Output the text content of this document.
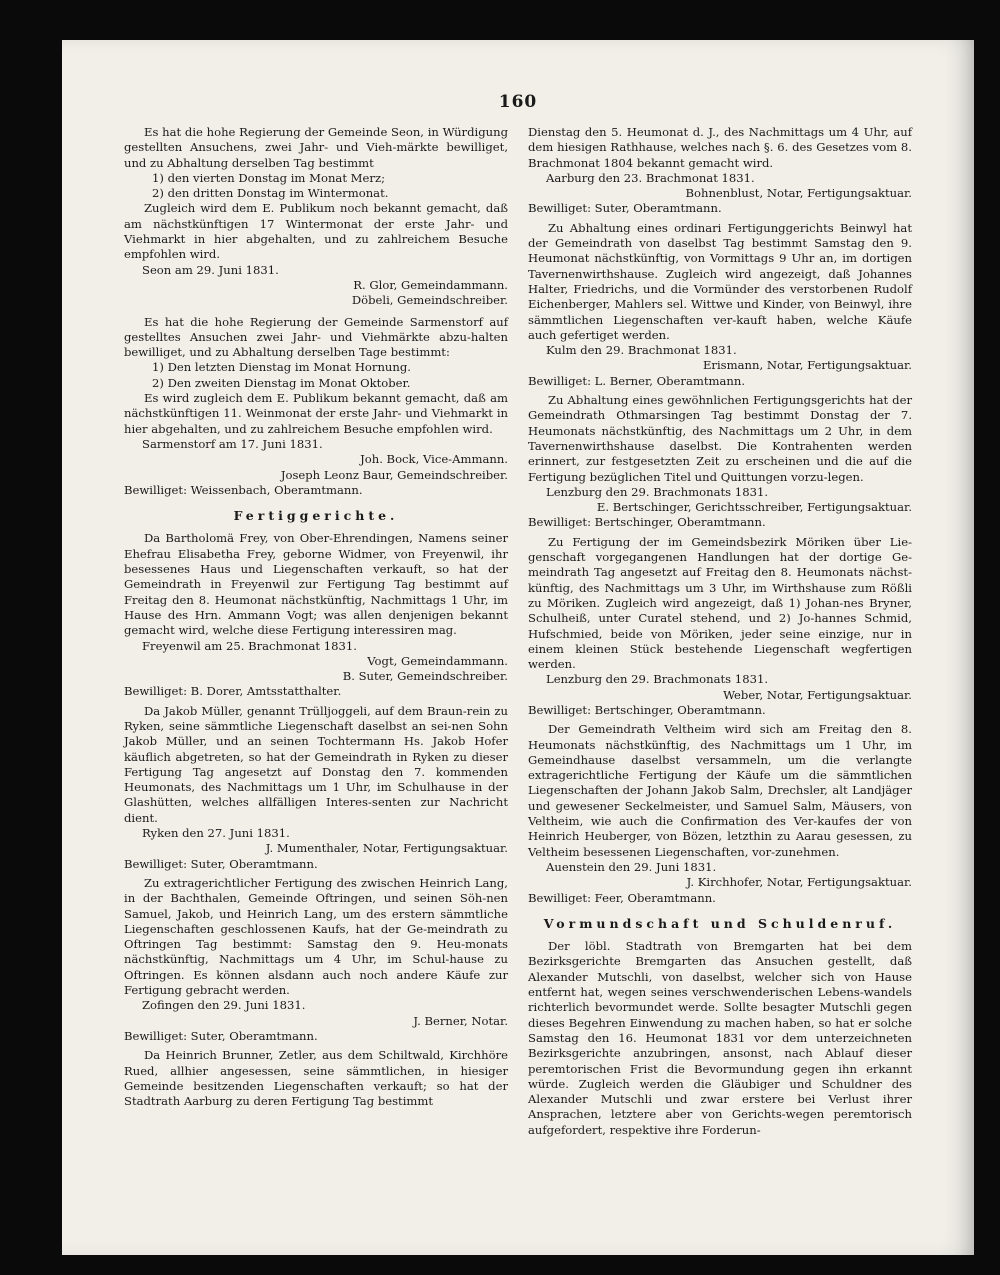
160

Es hat die hohe Regierung der Gemeinde Seon, in Würdigung gestellten Ansuchens, zwei Jahr- und Vieh-märkte bewilliget, und zu Abhaltung derselben Tag bestimmt

1) den vierten Donstag im Monat Merz;

2) den dritten Donstag im Wintermonat.

Zugleich wird dem E. Publikum noch bekannt gemacht, daß am nächstkünftigen 17 Wintermonat der erste Jahr- und Viehmarkt in hier abgehalten, und zu zahlreichem Besuche empfohlen wird.

Seon am 29. Juni 1831.

R. Glor, Gemeindammann.

Döbeli, Gemeindschreiber.

Es hat die hohe Regierung der Gemeinde Sarmenstorf auf gestelltes Ansuchen zwei Jahr- und Viehmärkte abzu-halten bewilliget, und zu Abhaltung derselben Tage bestimmt:

1) Den letzten Dienstag im Monat Hornung.

2) Den zweiten Dienstag im Monat Oktober.

Es wird zugleich dem E. Publikum bekannt gemacht, daß am nächstkünftigen 11. Weinmonat der erste Jahr- und Viehmarkt in hier abgehalten, und zu zahlreichem Besuche empfohlen wird.

Sarmenstorf am 17. Juni 1831.

Joh. Bock, Vice-Ammann.

Joseph Leonz Baur, Gemeindschreiber.

Bewilliget: Weissenbach, Oberamtmann.

Fertiggerichte.

Da Bartholomä Frey, von Ober-Ehrendingen, Namens seiner Ehefrau Elisabetha Frey, geborne Widmer, von Freyenwil, ihr besessenes Haus und Liegenschaften verkauft, so hat der Gemeindrath in Freyenwil zur Fertigung Tag bestimmt auf Freitag den 8. Heumonat nächstkünftig, Nachmittags 1 Uhr, im Hause des Hrn. Ammann Vogt; was allen denjenigen bekannt gemacht wird, welche diese Fertigung interessiren mag.

Freyenwil am 25. Brachmonat 1831.

Vogt, Gemeindammann.

B. Suter, Gemeindschreiber.

Bewilliget: B. Dorer, Amtsstatthalter.

Da Jakob Müller, genannt Trülljoggeli, auf dem Braun-rein zu Ryken, seine sämmtliche Liegenschaft daselbst an sei-nen Sohn Jakob Müller, und an seinen Tochtermann Hs. Jakob Hofer käuflich abgetreten, so hat der Gemeindrath in Ryken zu dieser Fertigung Tag angesetzt auf Donstag den 7. kommenden Heumonats, des Nachmittags um 1 Uhr, im Schulhause in der Glashütten, welches allfälligen Interes-senten zur Nachricht dient.

Ryken den 27. Juni 1831.

J. Mumenthaler, Notar, Fertigungsaktuar.

Bewilliget: Suter, Oberamtmann.

Zu extragerichtlicher Fertigung des zwischen Heinrich Lang, in der Bachthalen, Gemeinde Oftringen, und seinen Söh-nen Samuel, Jakob, und Heinrich Lang, um des erstern sämmtliche Liegenschaften geschlossenen Kaufs, hat der Ge-meindrath zu Oftringen Tag bestimmt: Samstag den 9. Heu-monats nächstkünftig, Nachmittags um 4 Uhr, im Schul-hause zu Oftringen. Es können alsdann auch noch andere Käufe zur Fertigung gebracht werden.

Zofingen den 29. Juni 1831.

J. Berner, Notar.

Bewilliget: Suter, Oberamtmann.

Da Heinrich Brunner, Zetler, aus dem Schiltwald, Kirchhöre Rued, allhier angesessen, seine sämmtlichen, in hiesiger Gemeinde besitzenden Liegenschaften verkauft; so hat der Stadtrath Aarburg zu deren Fertigung Tag bestimmt

Dienstag den 5. Heumonat d. J., des Nachmittags um 4 Uhr, auf dem hiesigen Rathhause, welches nach §. 6. des Gesetzes vom 8. Brachmonat 1804 bekannt gemacht wird.

Aarburg den 23. Brachmonat 1831.

Bohnenblust, Notar, Fertigungsaktuar.

Bewilliget: Suter, Oberamtmann.

Zu Abhaltung eines ordinari Fertigunggerichts Beinwyl hat der Gemeindrath von daselbst Tag bestimmt Samstag den 9. Heumonat nächstkünftig, von Vormittags 9 Uhr an, im dortigen Tavernenwirthshause. Zugleich wird angezeigt, daß Johannes Halter, Friedrichs, und die Vormünder des verstorbenen Rudolf Eichenberger, Mahlers sel. Wittwe und Kinder, von Beinwyl, ihre sämmtlichen Liegenschaften ver-kauft haben, welche Käufe auch gefertiget werden.

Kulm den 29. Brachmonat 1831.

Erismann, Notar, Fertigungsaktuar.

Bewilliget: L. Berner, Oberamtmann.

Zu Abhaltung eines gewöhnlichen Fertigungsgerichts hat der Gemeindrath Othmarsingen Tag bestimmt Donstag der 7. Heumonats nächstkünftig, des Nachmittags um 2 Uhr, in dem Tavernenwirthshause daselbst. Die Kontrahenten werden erinnert, zur festgesetzten Zeit zu erscheinen und die auf die Fertigung bezüglichen Titel und Quittungen vorzu-legen.

Lenzburg den 29. Brachmonats 1831.

E. Bertschinger, Gerichtsschreiber, Fertigungsaktuar.

Bewilliget: Bertschinger, Oberamtmann.

Zu Fertigung der im Gemeindsbezirk Möriken über Lie-genschaft vorgegangenen Handlungen hat der dortige Ge-meindrath Tag angesetzt auf Freitag den 8. Heumonats nächst-künftig, des Nachmittags um 3 Uhr, im Wirthshause zum Rößli zu Möriken. Zugleich wird angezeigt, daß 1) Johan-nes Bryner, Schulheiß, unter Curatel stehend, und 2) Jo-hannes Schmid, Hufschmied, beide von Möriken, jeder seine einzige, nur in einem kleinen Stück bestehende Liegenschaft wegfertigen werden.

Lenzburg den 29. Brachmonats 1831.

Weber, Notar, Fertigungsaktuar.

Bewilliget: Bertschinger, Oberamtmann.

Der Gemeindrath Veltheim wird sich am Freitag den 8. Heumonats nächstkünftig, des Nachmittags um 1 Uhr, im Gemeindhause daselbst versammeln, um die verlangte extragerichtliche Fertigung der Käufe um die sämmtlichen Liegenschaften der Johann Jakob Salm, Drechsler, alt Landjäger und gewesener Seckelmeister, und Samuel Salm, Mäusers, von Veltheim, wie auch die Confirmation des Ver-kaufes der von Heinrich Heuberger, von Bözen, letzthin zu Aarau gesessen, zu Veltheim besessenen Liegenschaften, vor-zunehmen.

Auenstein den 29. Juni 1831.

J. Kirchhofer, Notar, Fertigungsaktuar.

Bewilliget: Feer, Oberamtmann.

Vormundschaft und Schuldenruf.

Der löbl. Stadtrath von Bremgarten hat bei dem Bezirksgerichte Bremgarten das Ansuchen gestellt, daß Alexander Mutschli, von daselbst, welcher sich von Hause entfernt hat, wegen seines verschwenderischen Lebens-wandels richterlich bevormundet werde. Sollte besagter Mutschli gegen dieses Begehren Einwendung zu machen haben, so hat er solche Samstag den 16. Heumonat 1831 vor dem unterzeichneten Bezirksgerichte anzubringen, ansonst, nach Ablauf dieser peremtorischen Frist die Bevormundung gegen ihn erkannt würde. Zugleich werden die Gläubiger und Schuldner des Alexander Mutschli und zwar erstere bei Verlust ihrer Ansprachen, letztere aber von Gerichts-wegen peremtorisch aufgefordert, respektive ihre Forderun-
